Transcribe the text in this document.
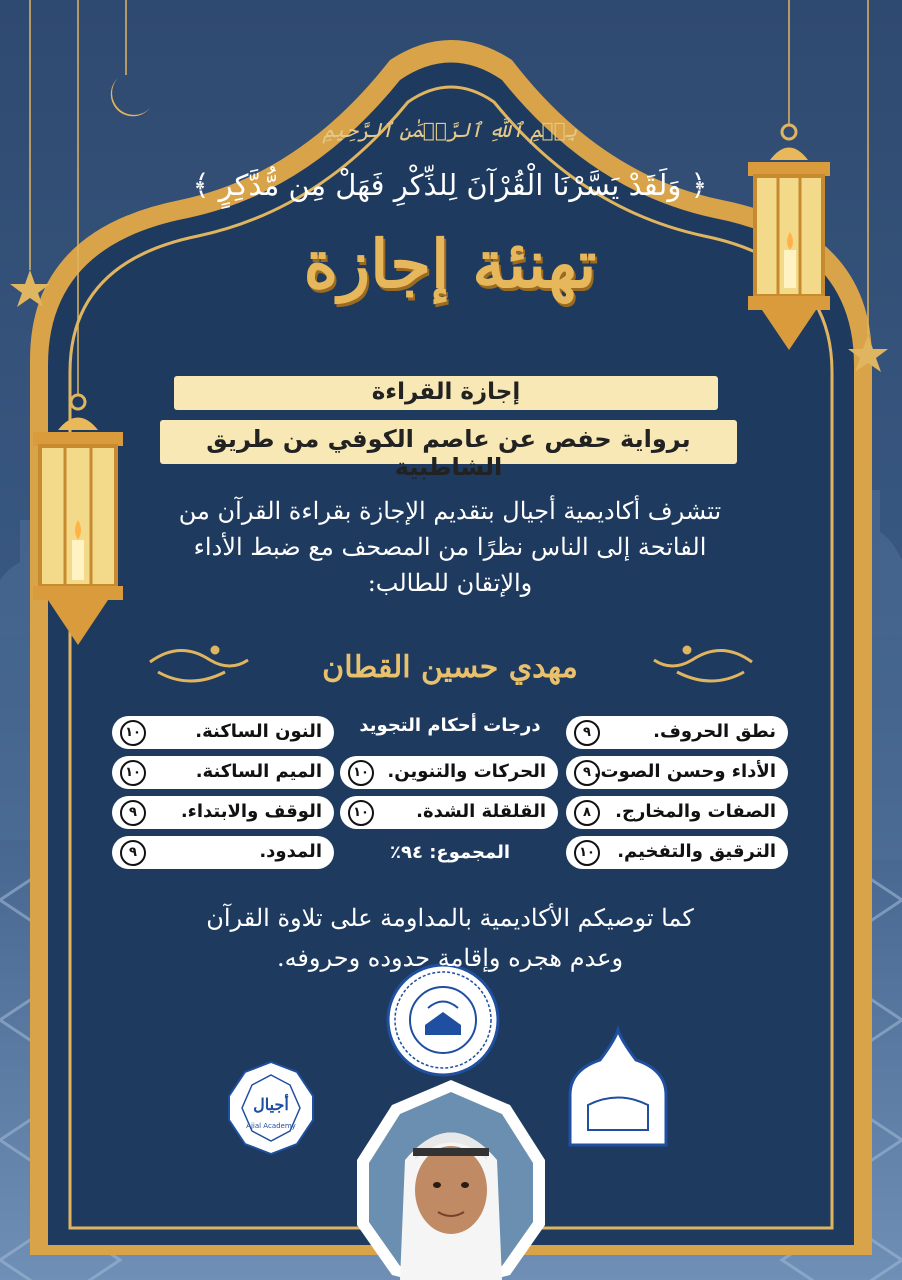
Ajial Academy
أجيال
بِسۡمِ ٱللَّهِ ٱلرَّحۡمَٰنِ ٱلرَّحِيمِ
﴿ وَلَقَدْ يَسَّرْنَا الْقُرْآنَ لِلذِّكْرِ فَهَلْ مِن مُّدَّكِرٍ ﴾
تهنئة إجازة
إجازة القراءة
برواية حفص عن عاصم الكوفي من طريق الشاطبية
تتشرف أكاديمية أجيال بتقديم الإجازة بقراءة القرآن من
الفاتحة إلى الناس نظرًا من المصحف مع ضبط الأداء
والإتقان للطالب:
مهدي حسين القطان
درجات أحكام التجويد	نطق الحروف.
٩
الأداء وحسن الصوت.
٩
الصفات والمخارج.
٨
الترقيق والتفخيم.
١٠
الحركات والتنوين.
١٠
القلقلة الشدة.
١٠
النون الساكنة.
١٠
الميم الساكنة.
١٠
الوقف والابتداء.
٩
المدود.
٩	المجموع: ٩٤٪
كما توصيكم الأكاديمية بالمداومة على تلاوة القرآن
وعدم هجره وإقامة حدوده وحروفه.
